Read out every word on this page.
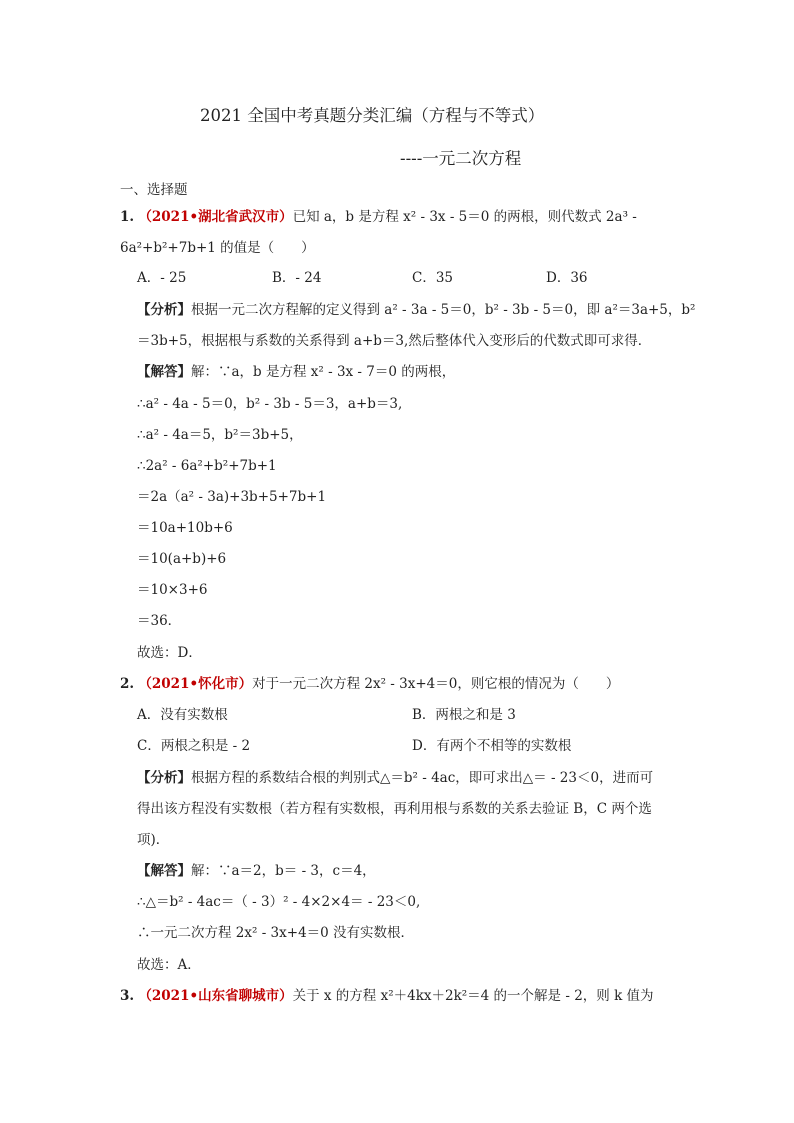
2021 全国中考真题分类汇编（方程与不等式）
----一元二次方程
一、选择题
1. （2021•湖北省武汉市）已知 a，b 是方程 x² - 3x - 5＝0 的两根，则代数式 2a³ -
6a²+b²+7b+1 的值是（　　）
A．- 25	B．- 24	C．35	D．36
【分析】根据一元二次方程解的定义得到 a² - 3a - 5＝0，b² - 3b - 5＝0，即 a²＝3a+5，b²
＝3b+5，根据根与系数的关系得到 a+b＝3,然后整体代入变形后的代数式即可求得．
【解答】解：∵a，b 是方程 x² - 3x - 7＝0 的两根，
∴a² - 4a - 5＝0，b² - 3b - 5＝3，a+b＝3,
∴a² - 4a＝5，b²＝3b+5，
∴2a² - 6a²+b²+7b+1
＝2a（a² - 3a)+3b+5+7b+1
＝10a+10b+6
＝10(a+b)+6
＝10×3+6
＝36．
故选：D．
2. （2021•怀化市）对于一元二次方程 2x² - 3x+4＝0，则它根的情况为（　　）
A．没有实数根	B．两根之和是 3
C．两根之积是 - 2	D．有两个不相等的实数根
【分析】根据方程的系数结合根的判别式△＝b² - 4ac，即可求出△＝ - 23＜0，进而可
得出该方程没有实数根（若方程有实数根，再利用根与系数的关系去验证 B，C 两个选
项)．
【解答】解：∵a＝2，b＝ - 3，c＝4，
∴△＝b² - 4ac＝（ - 3）² - 4×2×4＝ - 23＜0,
∴一元二次方程 2x² - 3x+4＝0 没有实数根．
故选：A．
3. （2021•山东省聊城市）关于 x 的方程 x²＋4kx＋2k²＝4 的一个解是 - 2，则 k 值为
